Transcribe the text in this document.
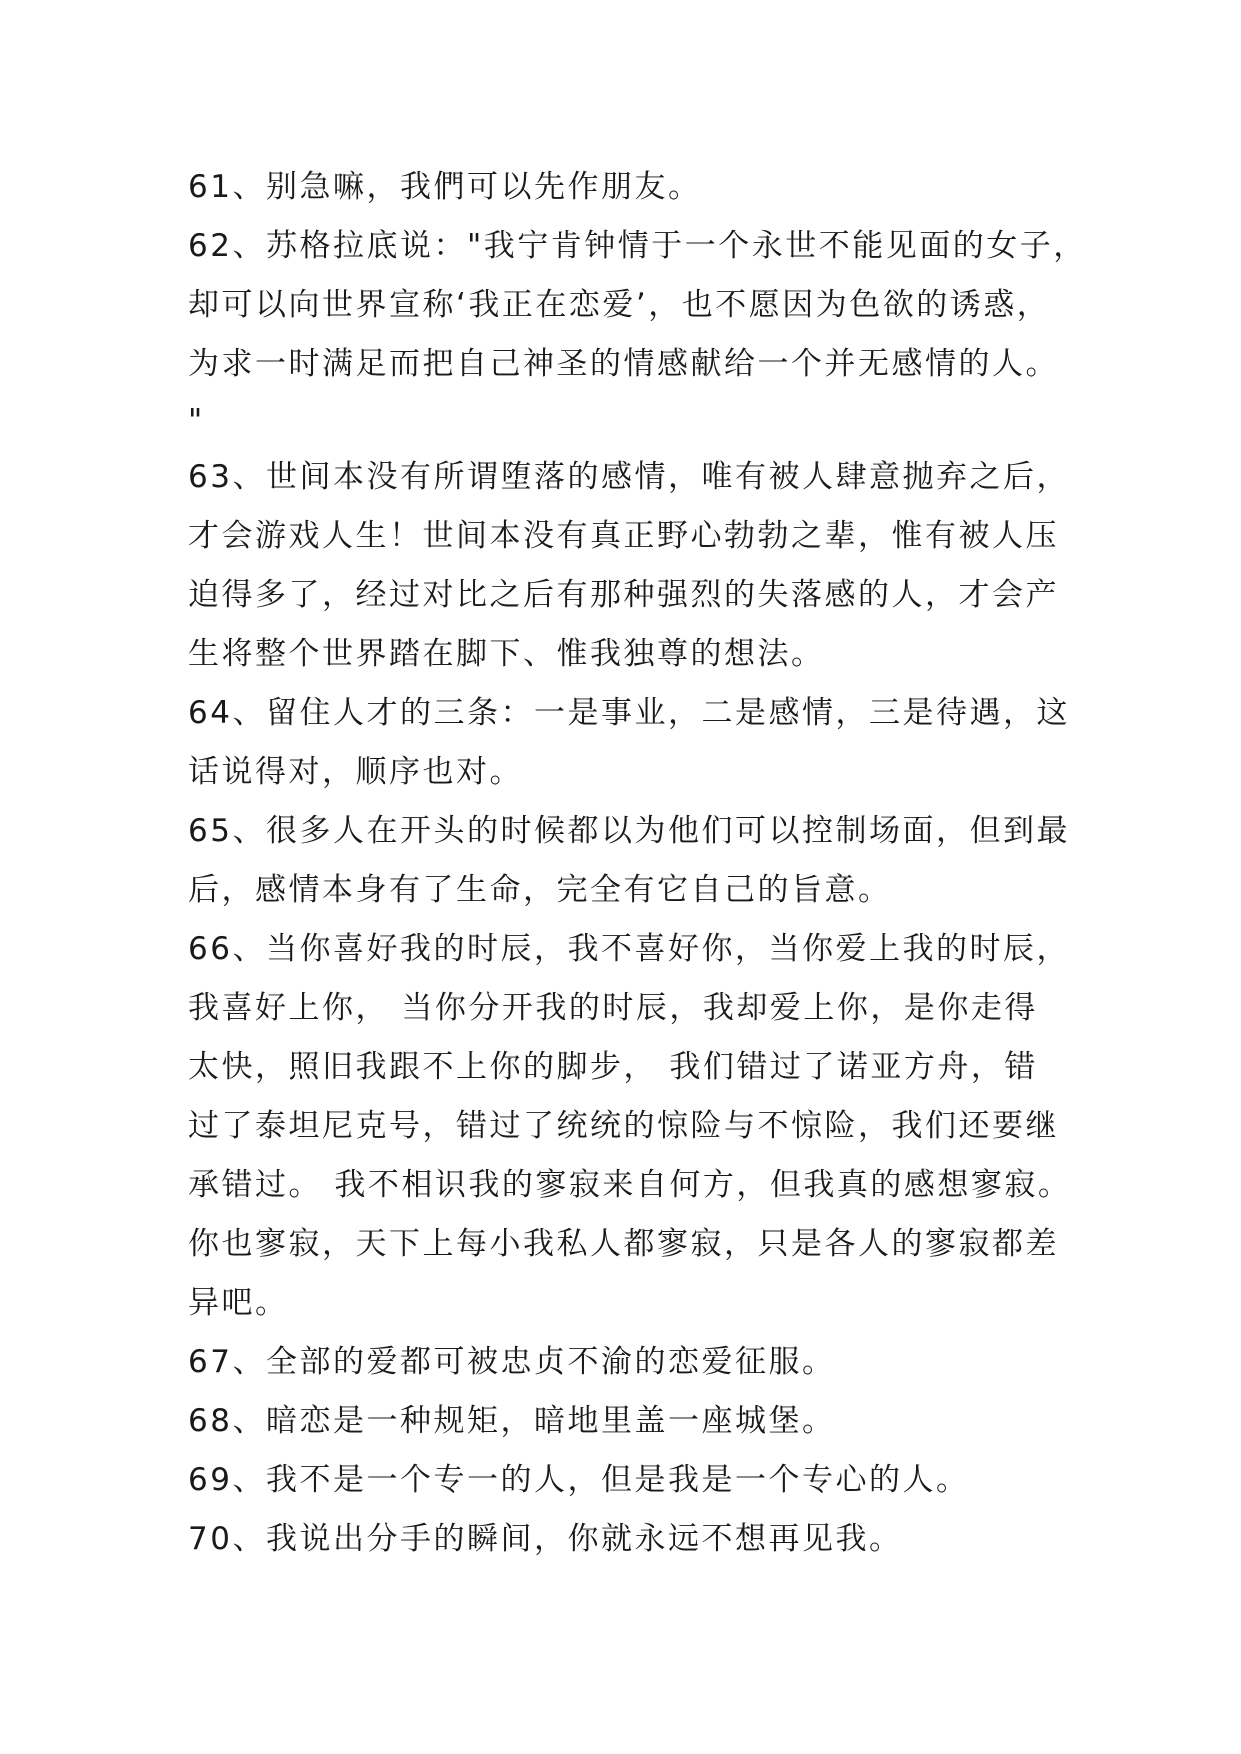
61、别急嘛，我們可以先作朋友。
62、苏格拉底说："我宁肯钟情于一个永世不能见面的女子，
却可以向世界宣称‘我正在恋爱’，也不愿因为色欲的诱惑，
为求一时满足而把自己神圣的情感献给一个并无感情的人。
"
63、世间本没有所谓堕落的感情，唯有被人肆意抛弃之后，
才会游戏人生！世间本没有真正野心勃勃之辈，惟有被人压
迫得多了，经过对比之后有那种强烈的失落感的人，才会产
生将整个世界踏在脚下、惟我独尊的想法。
64、留住人才的三条：一是事业，二是感情，三是待遇，这
话说得对，顺序也对。
65、很多人在开头的时候都以为他们可以控制场面，但到最
后，感情本身有了生命，完全有它自己的旨意。
66、当你喜好我的时辰，我不喜好你，当你爱上我的时辰，
我喜好上你， 当你分开我的时辰，我却爱上你，是你走得
太快，照旧我跟不上你的脚步， 我们错过了诺亚方舟，错
过了泰坦尼克号，错过了统统的惊险与不惊险，我们还要继
承错过。 我不相识我的寥寂来自何方，但我真的感想寥寂。
你也寥寂，天下上每小我私人都寥寂，只是各人的寥寂都差
异吧。
67、全部的爱都可被忠贞不渝的恋爱征服。
68、暗恋是一种规矩，暗地里盖一座城堡。
69、我不是一个专一的人，但是我是一个专心的人。
70、我说出分手的瞬间，你就永远不想再见我。
